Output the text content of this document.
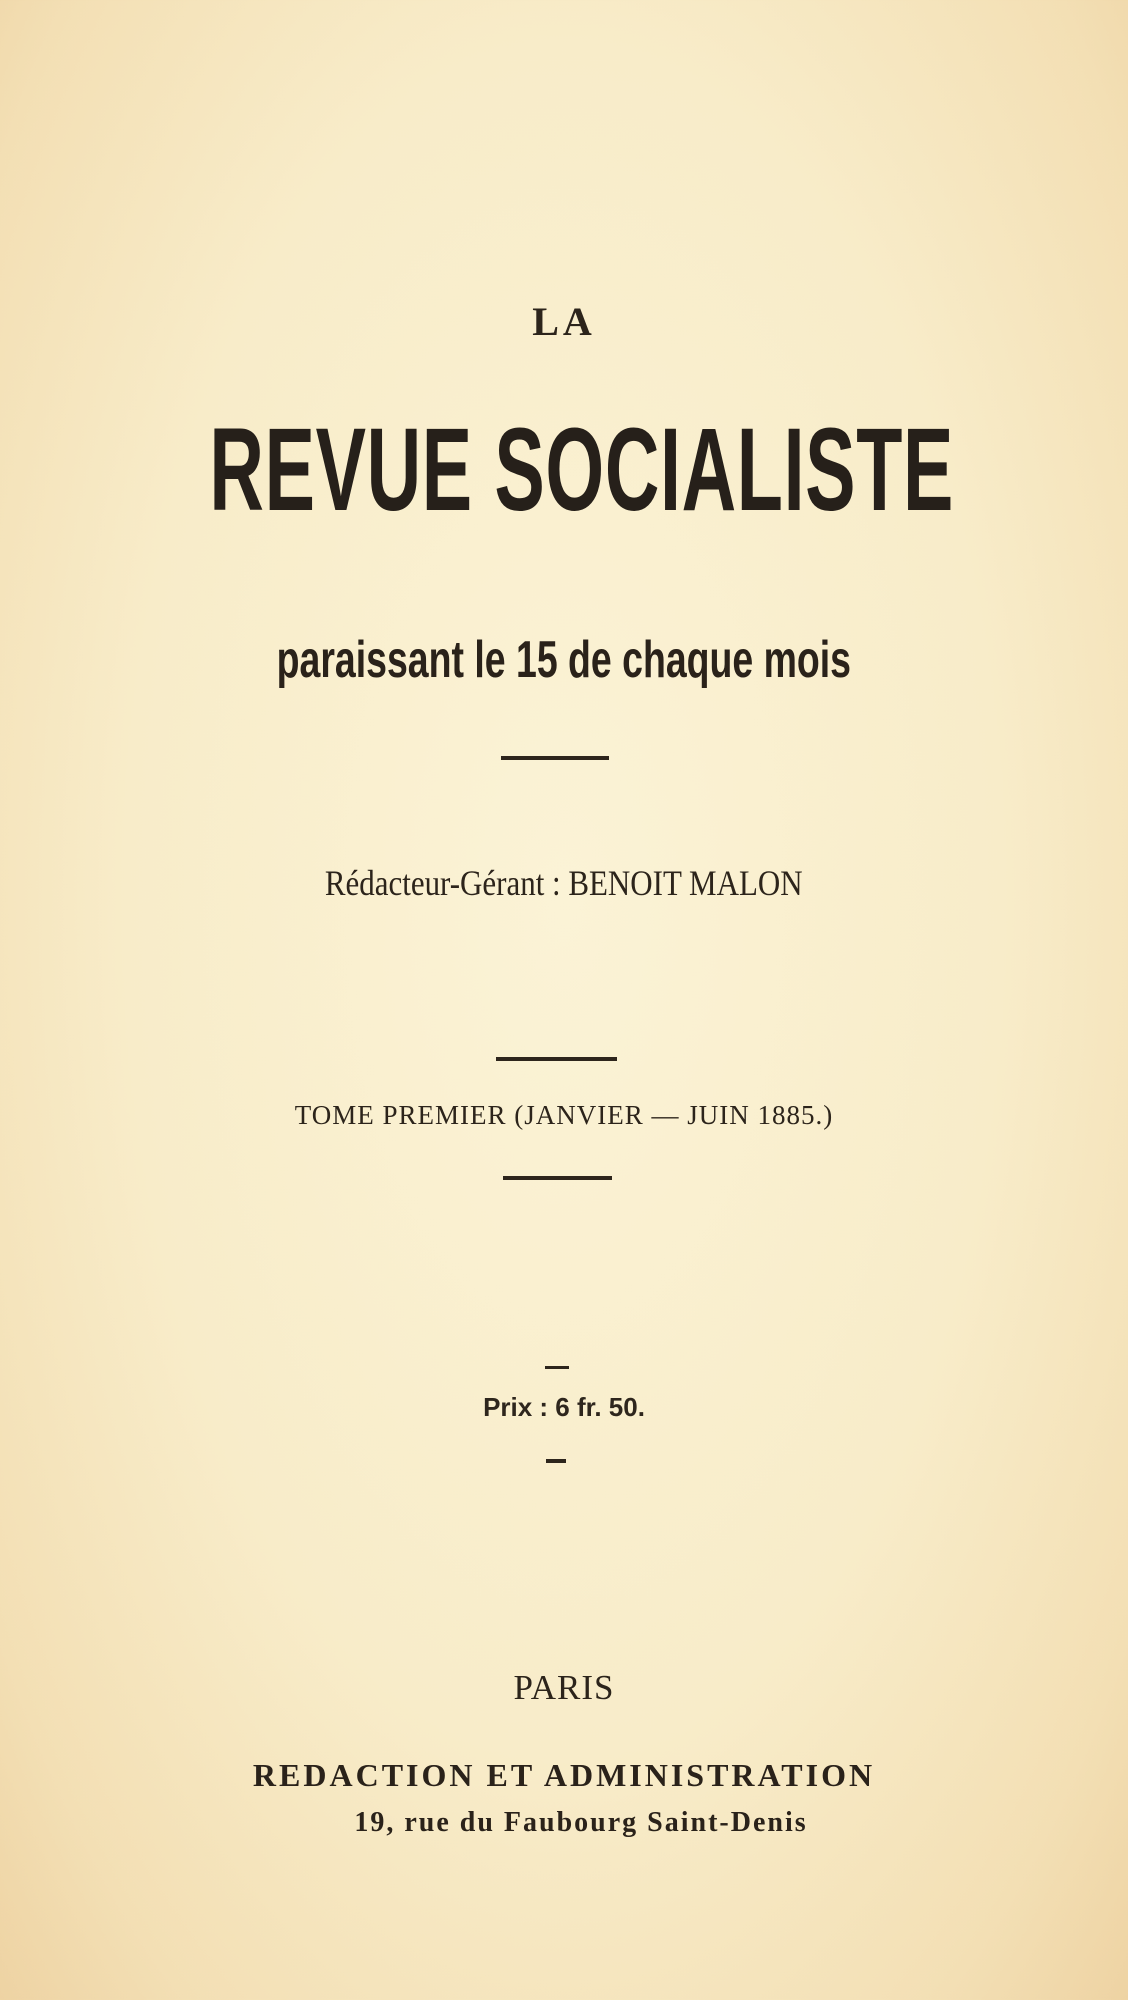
LA
REVUE SOCIALISTE
paraissant le 15 de chaque mois
Rédacteur-Gérant : BENOIT MALON
TOME PREMIER (JANVIER — JUIN 1885.)
Prix : 6 fr. 50.
PARIS
REDACTION ET ADMINISTRATION
19, rue du Faubourg Saint-Denis
